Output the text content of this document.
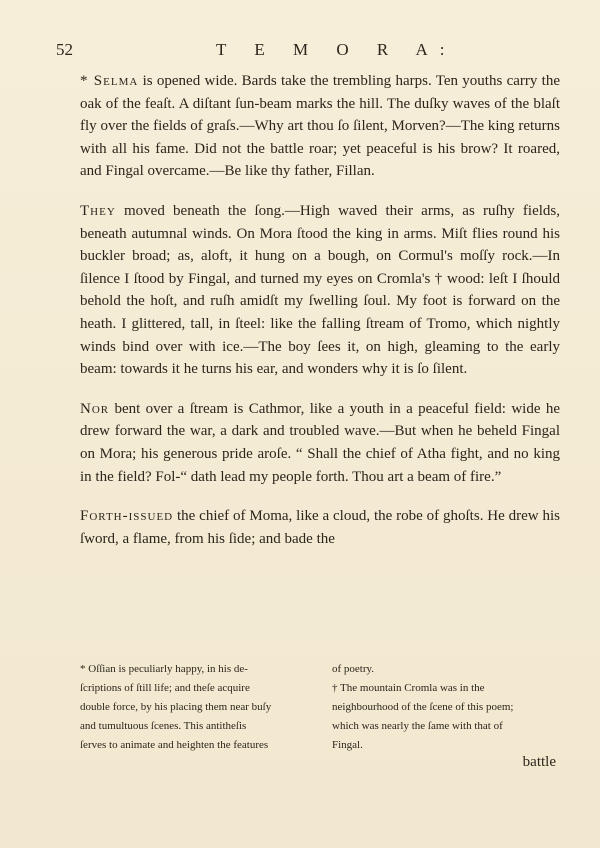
52	T E M O R A:

* Selma is opened wide. Bards take the trembling harps. Ten youths carry the oak of the feaſt. A diſtant ſun-beam marks the hill. The duſky waves of the blaſt fly over the fields of graſs.—Why art thou ſo ſilent, Morven?—The king returns with all his fame. Did not the battle roar; yet peaceful is his brow? It roared, and Fingal overcame.—Be like thy father, Fillan.

They moved beneath the ſong.—High waved their arms, as ruſhy fields, beneath autumnal winds. On Mora ſtood the king in arms. Miſt flies round his buckler broad; as, aloft, it hung on a bough, on Cormul's moſſy rock.—In ſilence I ſtood by Fingal, and turned my eyes on Cromla's † wood: leſt I ſhould behold the hoſt, and ruſh amidſt my ſwelling ſoul. My foot is forward on the heath. I glittered, tall, in ſteel: like the falling ſtream of Tromo, which nightly winds bind over with ice.—The boy ſees it, on high, gleaming to the early beam: towards it he turns his ear, and wonders why it is ſo ſilent.

Nor bent over a ſtream is Cathmor, like a youth in a peaceful field: wide he drew forward the war, a dark and troubled wave.—But when he beheld Fingal on Mora; his generous pride aroſe. “ Shall the chief of Atha fight, and no king in the field? Fol-“ dath lead my people forth. Thou art a beam of fire.”

Forth-issued the chief of Moma, like a cloud, the robe of ghoſts. He drew his ſword, a flame, from his ſide; and bade the

* Oſſian is peculiarly happy, in his de-
ſcriptions of ſtill life; and theſe acquire
double force, by his placing them near buſy
and tumultuous ſcenes. This antitheſis
ſerves to animate and heighten the features
of poetry.
† The mountain Cromla was in the
neighbourhood of the ſcene of this poem;
which was nearly the ſame with that of
Fingal.
battle
